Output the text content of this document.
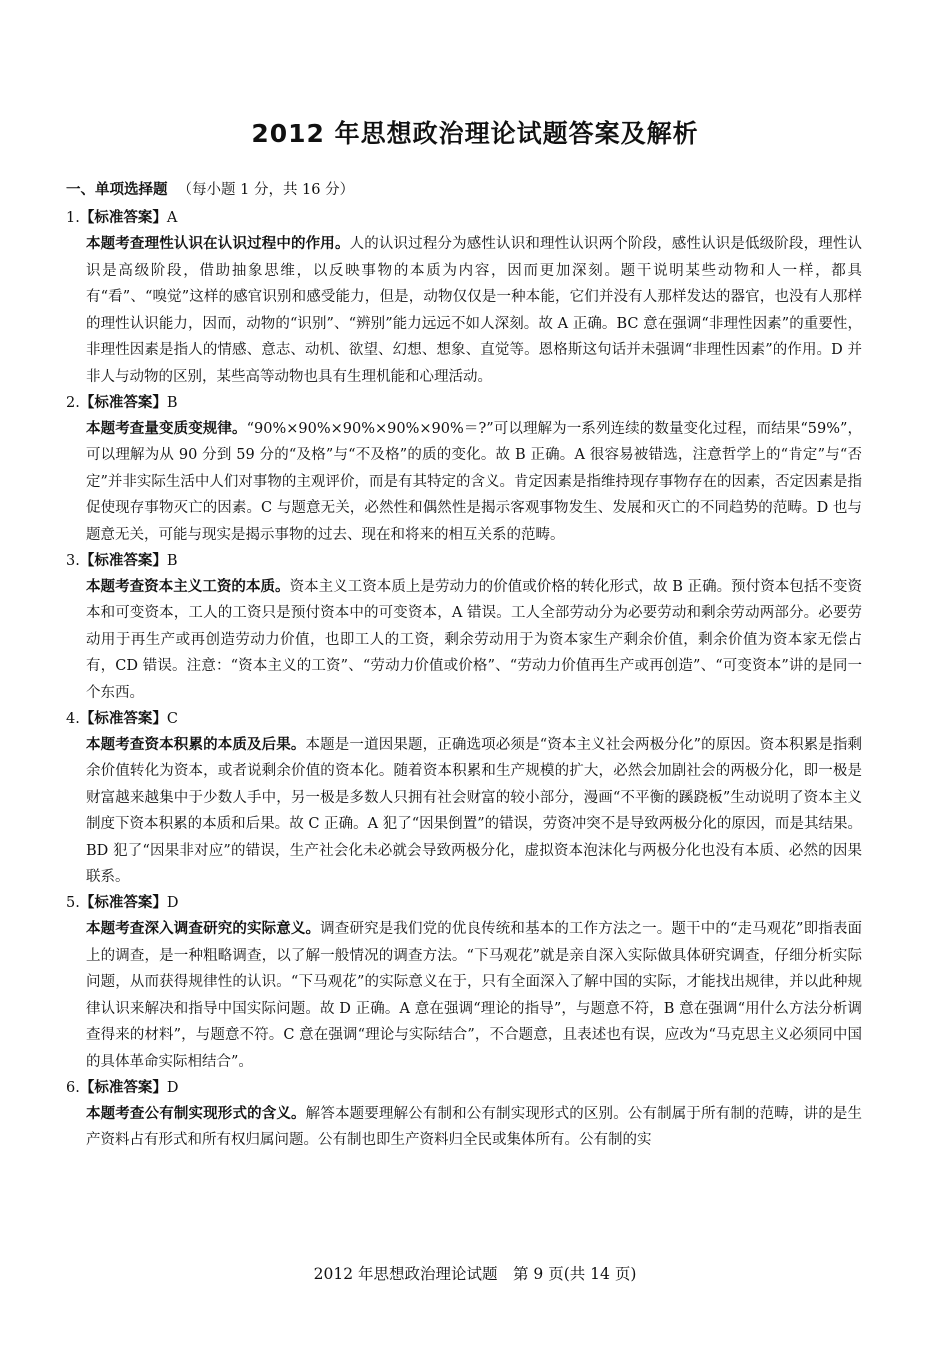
2012 年思想政治理论试题答案及解析
一、单项选择题 （每小题 1 分，共 16 分）
1.【标准答案】A
本题考查理性认识在认识过程中的作用。人的认识过程分为感性认识和理性认识两个阶段，感性认识是低级阶段，理性认识是高级阶段，借助抽象思维，以反映事物的本质为内容，因而更加深刻。题干说明某些动物和人一样，都具有“看”、“嗅觉”这样的感官识别和感受能力，但是，动物仅仅是一种本能，它们并没有人那样发达的器官，也没有人那样的理性认识能力，因而，动物的“识别”、“辨别”能力远远不如人深刻。故 A 正确。BC 意在强调“非理性因素”的重要性，非理性因素是指人的情感、意志、动机、欲望、幻想、想象、直觉等。恩格斯这句话并未强调“非理性因素”的作用。D 并非人与动物的区别，某些高等动物也具有生理机能和心理活动。
2.【标准答案】B
本题考查量变质变规律。“90%×90%×90%×90%×90%＝?”可以理解为一系列连续的数量变化过程，而结果“59%”，可以理解为从 90 分到 59 分的“及格”与“不及格”的质的变化。故 B 正确。A 很容易被错选，注意哲学上的“肯定”与“否定”并非实际生活中人们对事物的主观评价，而是有其特定的含义。肯定因素是指维持现存事物存在的因素，否定因素是指促使现存事物灭亡的因素。C 与题意无关，必然性和偶然性是揭示客观事物发生、发展和灭亡的不同趋势的范畴。D 也与题意无关，可能与现实是揭示事物的过去、现在和将来的相互关系的范畴。
3.【标准答案】B
本题考查资本主义工资的本质。资本主义工资本质上是劳动力的价值或价格的转化形式，故 B 正确。预付资本包括不变资本和可变资本，工人的工资只是预付资本中的可变资本，A 错误。工人全部劳动分为必要劳动和剩余劳动两部分。必要劳动用于再生产或再创造劳动力价值，也即工人的工资，剩余劳动用于为资本家生产剩余价值，剩余价值为资本家无偿占有，CD 错误。注意：“资本主义的工资”、“劳动力价值或价格”、“劳动力价值再生产或再创造”、“可变资本”讲的是同一个东西。
4.【标准答案】C
本题考查资本积累的本质及后果。本题是一道因果题，正确选项必须是“资本主义社会两极分化”的原因。资本积累是指剩余价值转化为资本，或者说剩余价值的资本化。随着资本积累和生产规模的扩大，必然会加剧社会的两极分化，即一极是财富越来越集中于少数人手中，另一极是多数人只拥有社会财富的较小部分，漫画“不平衡的蹊跷板”生动说明了资本主义制度下资本积累的本质和后果。故 C 正确。A 犯了“因果倒置”的错误，劳资冲突不是导致两极分化的原因，而是其结果。BD 犯了“因果非对应”的错误，生产社会化未必就会导致两极分化，虚拟资本泡沫化与两极分化也没有本质、必然的因果联系。
5.【标准答案】D
本题考查深入调查研究的实际意义。调查研究是我们党的优良传统和基本的工作方法之一。题干中的“走马观花”即指表面上的调查，是一种粗略调查，以了解一般情况的调查方法。“下马观花”就是亲自深入实际做具体研究调查，仔细分析实际问题，从而获得规律性的认识。“下马观花”的实际意义在于，只有全面深入了解中国的实际，才能找出规律，并以此种规律认识来解决和指导中国实际问题。故 D 正确。A 意在强调“理论的指导”，与题意不符，B 意在强调“用什么方法分析调查得来的材料”，与题意不符。C 意在强调“理论与实际结合”，不合题意，且表述也有误，应改为“马克思主义必须同中国的具体革命实际相结合”。
6.【标准答案】D
本题考查公有制实现形式的含义。解答本题要理解公有制和公有制实现形式的区别。公有制属于所有制的范畴，讲的是生产资料占有形式和所有权归属问题。公有制也即生产资料归全民或集体所有。公有制的实
2012 年思想政治理论试题　第 9 页(共 14 页)
